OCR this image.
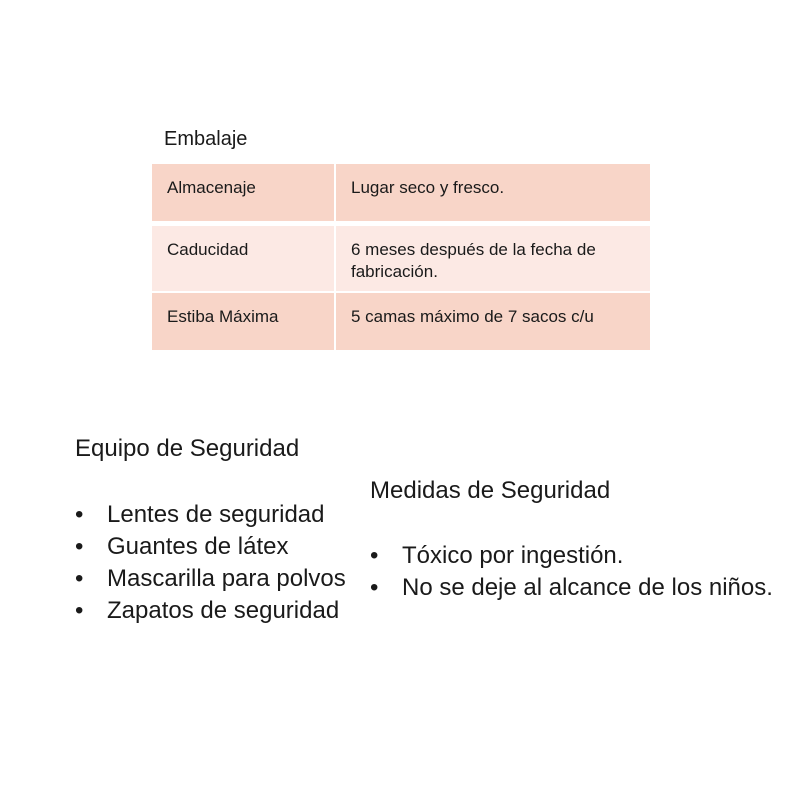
Embalaje
Almacenaje	Lugar seco y fresco.
Caducidad	6 meses después de la fecha de fabricación.
Estiba Máxima	5 camas máximo de 7 sacos c/u
Equipo de Seguridad
• Lentes de seguridad
• Guantes de látex
• Mascarilla para polvos
• Zapatos de seguridad
Medidas de Seguridad
• Tóxico por ingestión.
• No se deje al alcance de los niños.
